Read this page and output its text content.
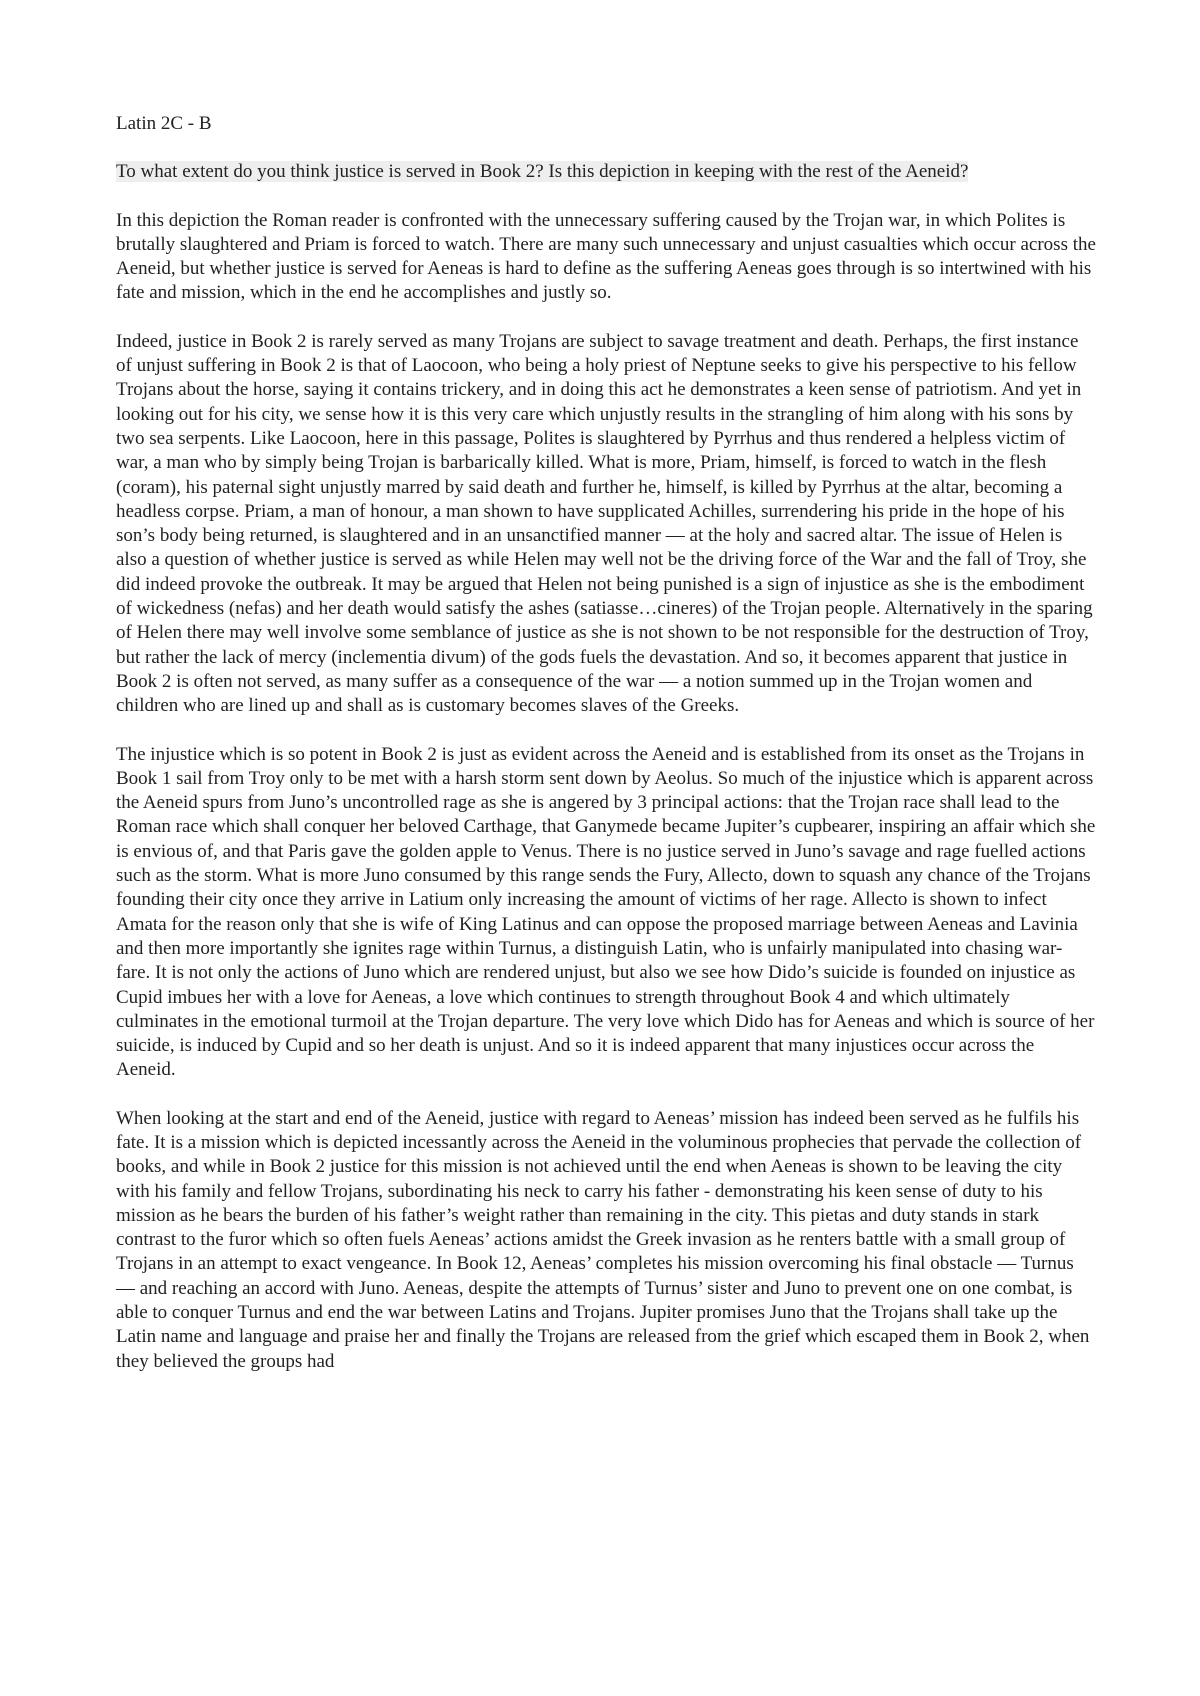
Latin 2C - B

To what extent do you think justice is served in Book 2? Is this depiction in keeping with the rest of the Aeneid?

In this depiction the Roman reader is confronted with the unnecessary suffering caused by the Trojan war, in which Polites is brutally slaughtered and Priam is forced to watch. There are many such unnecessary and unjust casualties which occur across the Aeneid, but whether justice is served for Aeneas is hard to define as the suffering Aeneas goes through is so intertwined with his fate and mission, which in the end he accomplishes and justly so.

Indeed, justice in Book 2 is rarely served as many Trojans are subject to savage treatment and death. Perhaps, the first instance of unjust suffering in Book 2 is that of Laocoon, who being a holy priest of Neptune seeks to give his perspective to his fellow Trojans about the horse, saying it contains trickery, and in doing this act he demonstrates a keen sense of patriotism. And yet in looking out for his city, we sense how it is this very care which unjustly results in the strangling of him along with his sons by two sea serpents. Like Laocoon, here in this passage, Polites is slaughtered by Pyrrhus and thus rendered a helpless victim of war, a man who by simply being Trojan is barbarically killed. What is more, Priam, himself, is forced to watch in the flesh (coram), his paternal sight unjustly marred by said death and further he, himself, is killed by Pyrrhus at the altar, becoming a headless corpse. Priam, a man of honour, a man shown to have supplicated Achilles, surrendering his pride in the hope of his son’s body being returned, is slaughtered and in an unsanctified manner — at the holy and sacred altar. The issue of Helen is also a question of whether justice is served as while Helen may well not be the driving force of the War and the fall of Troy, she did indeed provoke the outbreak. It may be argued that Helen not being punished is a sign of injustice as she is the embodiment of wickedness (nefas) and her death would satisfy the ashes (satiasse…cineres) of the Trojan people. Alternatively in the sparing of Helen there may well involve some semblance of justice as she is not shown to be not responsible for the destruction of Troy, but rather the lack of mercy (inclementia divum) of the gods fuels the devastation. And so, it becomes apparent that justice in Book 2 is often not served, as many suffer as a consequence of the war — a notion summed up in the Trojan women and children who are lined up and shall as is customary becomes slaves of the Greeks.

The injustice which is so potent in Book 2 is just as evident across the Aeneid and is established from its onset as the Trojans in Book 1 sail from Troy only to be met with a harsh storm sent down by Aeolus. So much of the injustice which is apparent across the Aeneid spurs from Juno’s uncontrolled rage as she is angered by 3 principal actions: that the Trojan race shall lead to the Roman race which shall conquer her beloved Carthage, that Ganymede became Jupiter’s cupbearer, inspiring an affair which she is envious of, and that Paris gave the golden apple to Venus. There is no justice served in Juno’s savage and rage fuelled actions such as the storm. What is more Juno consumed by this range sends the Fury, Allecto, down to squash any chance of the Trojans founding their city once they arrive in Latium only increasing the amount of victims of her rage. Allecto is shown to infect Amata for the reason only that she is wife of King Latinus and can oppose the proposed marriage between Aeneas and Lavinia and then more importantly she ignites rage within Turnus, a distinguish Latin, who is unfairly manipulated into chasing war-fare. It is not only the actions of Juno which are rendered unjust, but also we see how Dido’s suicide is founded on injustice as Cupid imbues her with a love for Aeneas, a love which continues to strength throughout Book 4 and which ultimately culminates in the emotional turmoil at the Trojan departure. The very love which Dido has for Aeneas and which is source of her suicide, is induced by Cupid and so her death is unjust. And so it is indeed apparent that many injustices occur across the Aeneid.

When looking at the start and end of the Aeneid, justice with regard to Aeneas’ mission has indeed been served as he fulfils his fate. It is a mission which is depicted incessantly across the Aeneid in the voluminous prophecies that pervade the collection of books, and while in Book 2 justice for this mission is not achieved until the end when Aeneas is shown to be leaving the city with his family and fellow Trojans, subordinating his neck to carry his father - demonstrating his keen sense of duty to his mission as he bears the burden of his father’s weight rather than remaining in the city. This pietas and duty stands in stark contrast to the furor which so often fuels Aeneas’ actions amidst the Greek invasion as he renters battle with a small group of Trojans in an attempt to exact vengeance. In Book 12, Aeneas’ completes his mission overcoming his final obstacle — Turnus — and reaching an accord with Juno. Aeneas, despite the attempts of Turnus’ sister and Juno to prevent one on one combat, is able to conquer Turnus and end the war between Latins and Trojans. Jupiter promises Juno that the Trojans shall take up the Latin name and language and praise her and finally the Trojans are released from the grief which escaped them in Book 2, when they believed the groups had
